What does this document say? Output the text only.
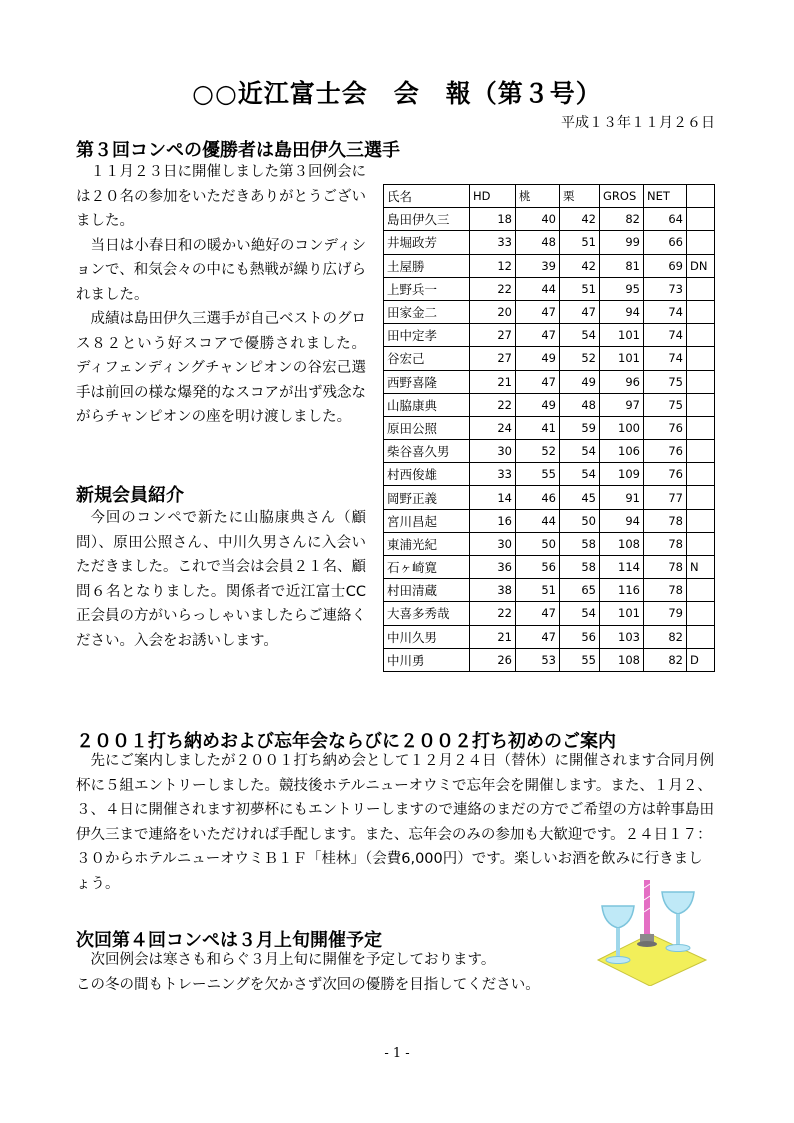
○○近江富士会　会　報（第３号）
平成１３年１１月２６日
第３回コンペの優勝者は島田伊久三選手

１１月２３日に開催しました第３回例会には２０名の参加をいただきありがとうございました。

当日は小春日和の暖かい絶好のコンディションで、和気会々の中にも熱戦が繰り広げられました。

成績は島田伊久三選手が自己ベストのグロス８２という好スコアで優勝されました。ディフェンディングチャンピオンの谷宏己選手は前回の様な爆発的なスコアが出ず残念ながらチャンピオンの座を明け渡しました。

新規会員紹介

今回のコンペで新たに山脇康典さん（顧問）、原田公照さん、中川久男さんに入会いただきました。これで当会は会員２１名、顧問６名となりました。関係者で近江富士CC正会員の方がいらっしゃいましたらご連絡ください。入会をお誘いします。

氏名	HD	桃	栗	GROS	NET	
島田伊久三	18	40	42	82	64	
井堀政芳	33	48	51	99	66	
土屋勝	12	39	42	81	69	DN
上野兵一	22	44	51	95	73	
田家金二	20	47	47	94	74	
田中定孝	27	47	54	101	74	
谷宏己	27	49	52	101	74	
西野喜隆	21	47	49	96	75	
山脇康典	22	49	48	97	75	
原田公照	24	41	59	100	76	
柴谷喜久男	30	52	54	106	76	
村西俊雄	33	55	54	109	76	
岡野正義	14	46	45	91	77	
宮川昌起	16	44	50	94	78	
東浦光紀	30	50	58	108	78	
石ヶ崎寛	36	56	58	114	78	N
村田清蔵	38	51	65	116	78	
大喜多秀哉	22	47	54	101	79	
中川久男	21	47	56	103	82	
中川勇	26	53	55	108	82	D
２００１打ち納めおよび忘年会ならびに２００２打ち初めのご案内

先にご案内しましたが２００１打ち納め会として１２月２４日（替休）に開催されます合同月例杯に５組エントリーしました。競技後ホテルニューオウミで忘年会を開催します。また、１月２、３、４日に開催されます初夢杯にもエントリーしますので連絡のまだの方でご希望の方は幹事島田伊久三まで連絡をいただければ手配します。また、忘年会のみの参加も大歓迎です。２４日１７：３０からホテルニューオウミＢ１Ｆ「桂林」（会費6,000円）です。楽しいお酒を飲みに行きましょう。

次回第４回コンペは３月上旬開催予定

次回例会は寒さも和らぐ３月上旬に開催を予定しております。

この冬の間もトレーニングを欠かさず次回の優勝を目指してください。
- 1 -
